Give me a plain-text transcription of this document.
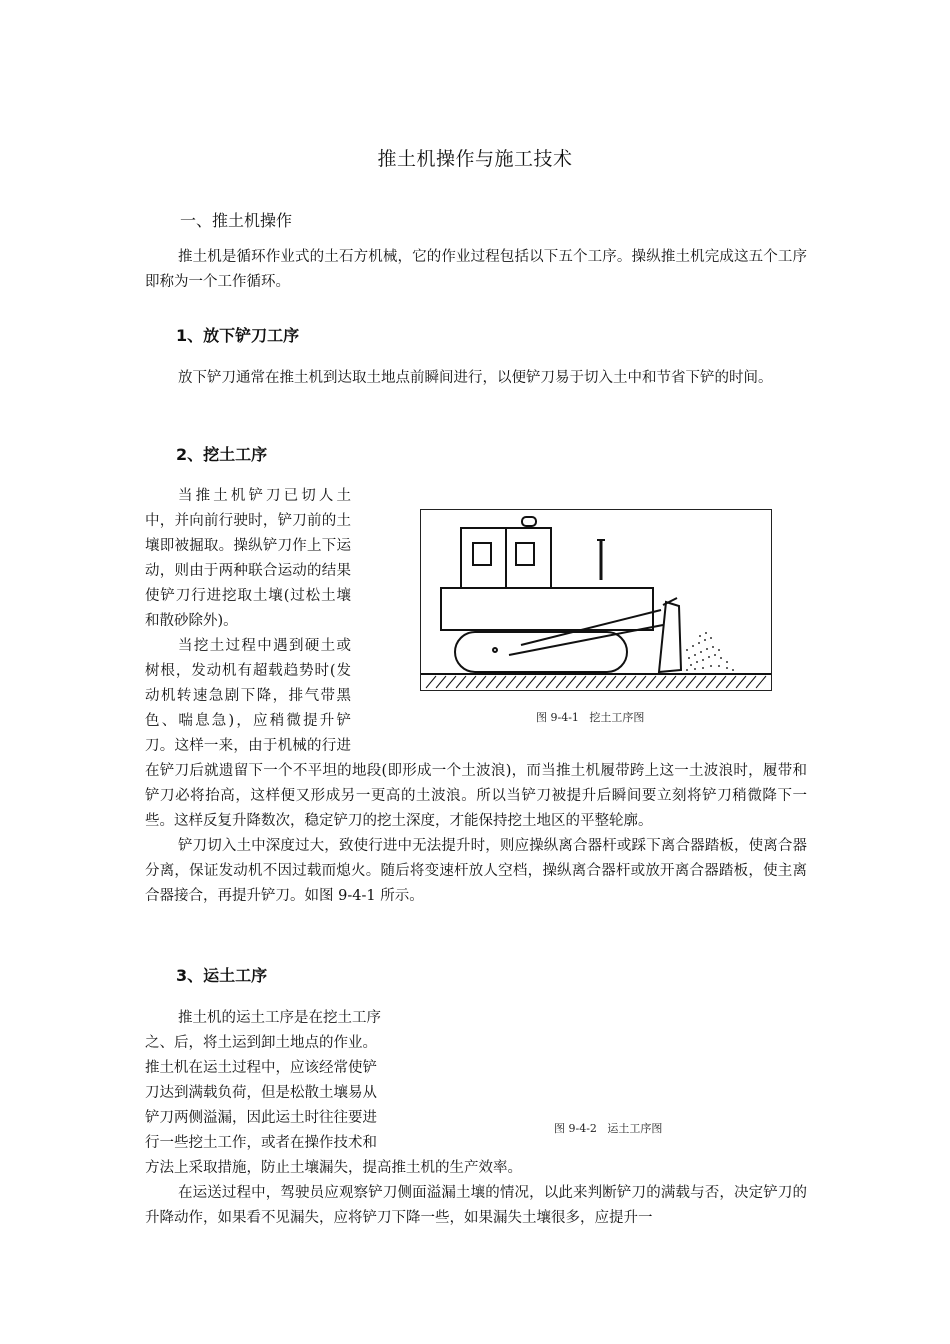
推土机操作与施工技术
一、推土机操作

推土机是循环作业式的土石方机械，它的作业过程包括以下五个工序。操纵推土机完成这五个工序即称为一个工作循环。

1、放下铲刀工序

放下铲刀通常在推土机到达取土地点前瞬间进行，以便铲刀易于切入土中和节省下铲的时间。

2、挖土工序

当推土机铲刀已切人土中，并向前行驶时，铲刀前的土壤即被掘取。操纵铲刀作上下运动，则由于两种联合运动的结果使铲刀行进挖取土壤(过松土壤和散砂除外)。

当挖土过程中遇到硬土或树根，发动机有超载趋势时(发动机转速急剧下降，排气带黑色、喘息急)，应稍微提升铲刀。这样一来，由于机械的行进在铲刀后就遗留下一个不平坦的地段(即形成一个土波浪)，而当推土机履带跨上这一土波浪时，履带和铲刀必将抬高，这样便又形成另一更高的土波浪。所以当铲刀被提升后瞬间要立刻将铲刀稍微降下一些。这样反复升降数次，稳定铲刀的挖土深度，才能保持挖土地区的平整轮廓。

铲刀切入土中深度过大，致使行进中无法提升时，则应操纵离合器杆或踩下离合器踏板，使离合器分离，保证发动机不因过载而熄火。随后将变速杆放人空档，操纵离合器杆或放开离合器踏板，使主离合器接合，再提升铲刀。如图 9-4-1 所示。

图 9-4-1   挖土工序图
3、运土工序
推土机的运土工序是在挖土工序
之、后，将土运到卸土地点的作业。
推土机在运土过程中，应该经常使铲
刀达到满载负荷，但是松散土壤易从
铲刀两侧溢漏，因此运土时往往要进
行一些挖土工作，或者在操作技术和
方法上采取措施，防止土壤漏失，提高推土机的生产效率。

在运送过程中，驾驶员应观察铲刀侧面溢漏土壤的情况，以此来判断铲刀的满载与否，决定铲刀的升降动作，如果看不见漏失，应将铲刀下降一些，如果漏失土壤很多，应提升一

图 9-4-2   运土工序图
